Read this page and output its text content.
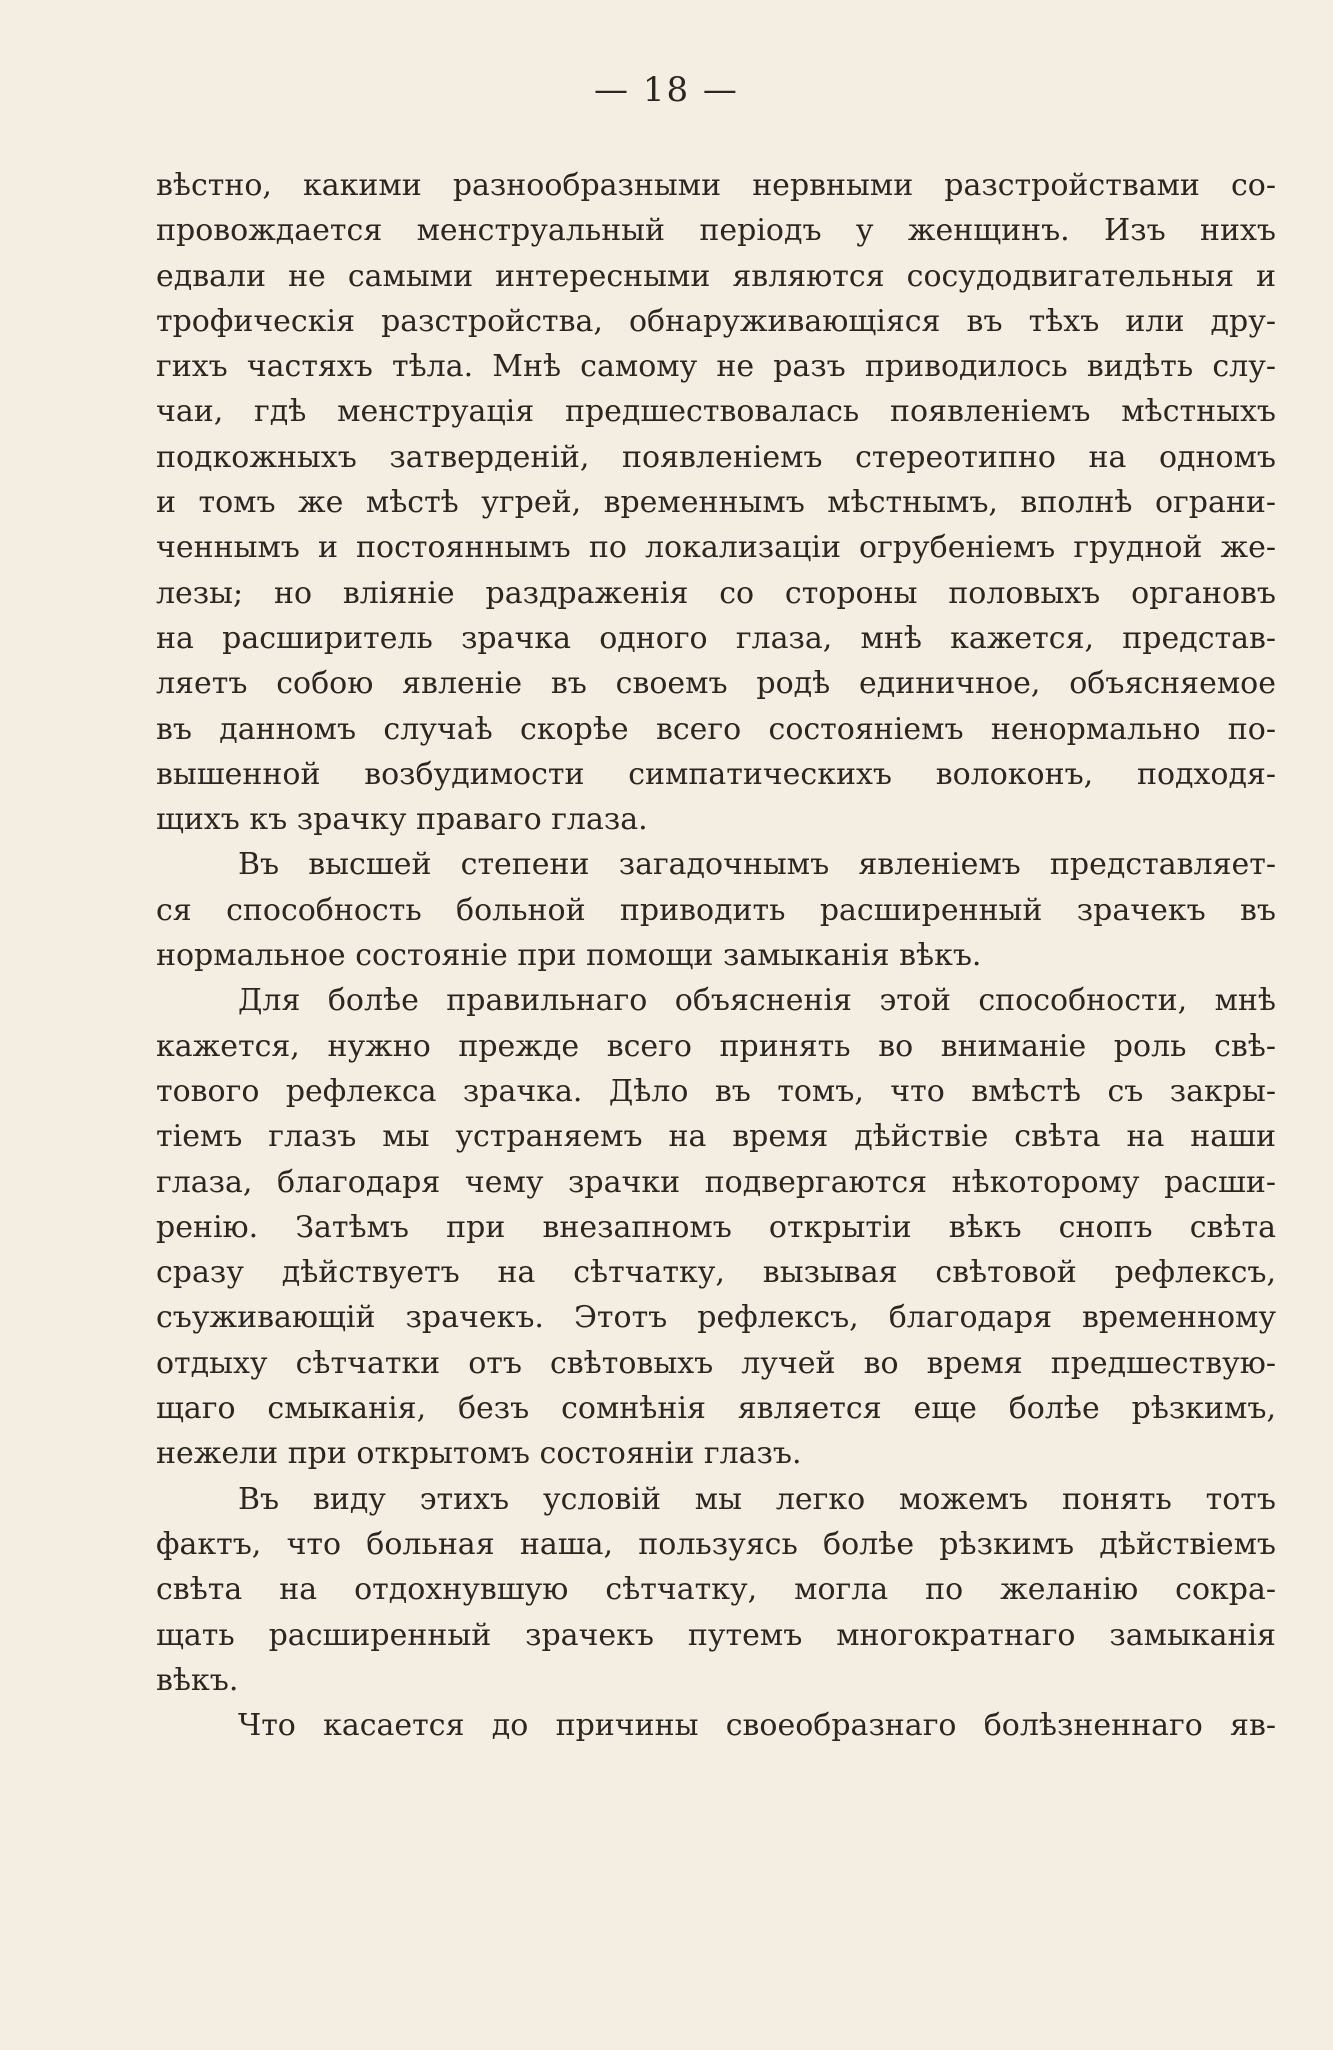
— 18 —

вѣстно, какими разнообразными нервными разстройствами со-
провождается менструальный періодъ у женщинъ. Изъ нихъ
едвали не самыми интересными являются сосудодвигательныя и
трофическія разстройства, обнаруживающіяся въ тѣхъ или дру-
гихъ частяхъ тѣла. Мнѣ самому не разъ приводилось видѣть слу-
чаи, гдѣ менструація предшествовалась появленіемъ мѣстныхъ
подкожныхъ затверденій, появленіемъ стереотипно на одномъ
и томъ же мѣстѣ угрей, временнымъ мѣстнымъ, вполнѣ ограни-
ченнымъ и постояннымъ по локализаціи огрубеніемъ грудной же-
лезы; но вліяніе раздраженія со стороны половыхъ органовъ
на расширитель зрачка одного глаза, мнѣ кажется, представ-
ляетъ собою явленіе въ своемъ родѣ единичное, объясняемое
въ данномъ случаѣ скорѣе всего состояніемъ ненормально по-
вышенной возбудимости симпатическихъ волоконъ, подходя-
щихъ къ зрачку праваго глаза.

Въ высшей степени загадочнымъ явленіемъ представляет-
ся способность больной приводить расширенный зрачекъ въ
нормальное состояніе при помощи замыканія вѣкъ.

Для болѣе правильнаго объясненія этой способности, мнѣ
кажется, нужно прежде всего принять во вниманіе роль свѣ-
тового рефлекса зрачка. Дѣло въ томъ, что вмѣстѣ съ закры-
тіемъ глазъ мы устраняемъ на время дѣйствіе свѣта на наши
глаза, благодаря чему зрачки подвергаются нѣкоторому расши-
ренію. Затѣмъ при внезапномъ открытіи вѣкъ снопъ свѣта
сразу дѣйствуетъ на сѣтчатку, вызывая свѣтовой рефлексъ,
съуживающій зрачекъ. Этотъ рефлексъ, благодаря временному
отдыху сѣтчатки отъ свѣтовыхъ лучей во время предшествую-
щаго смыканія, безъ сомнѣнія является еще болѣе рѣзкимъ,
нежели при открытомъ состояніи глазъ.

Въ виду этихъ условій мы легко можемъ понять тотъ
фактъ, что больная наша, пользуясь болѣе рѣзкимъ дѣйствіемъ
свѣта на отдохнувшую сѣтчатку, могла по желанію сокра-
щать расширенный зрачекъ путемъ многократнаго замыканія
вѣкъ.

Что касается до причины своеобразнаго болѣзненнаго яв-
